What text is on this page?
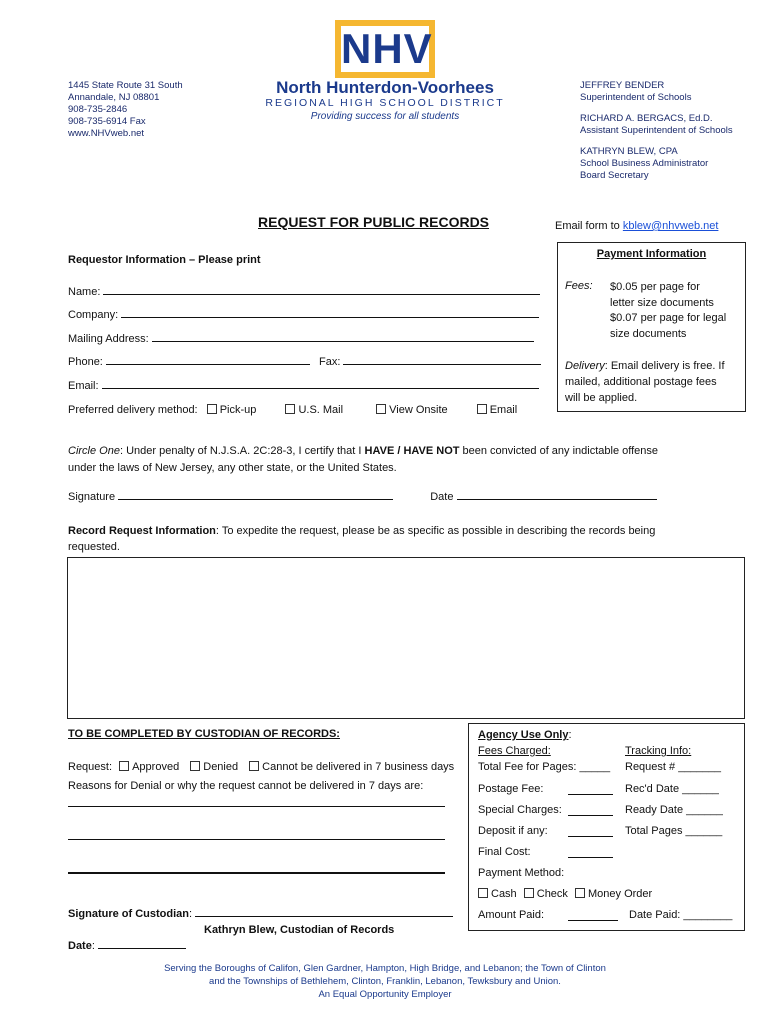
1445 State Route 31 South
Annandale, NJ 08801
908-735-2846
908-735-6914 Fax
www.NHVweb.net
NHV
North Hunterdon-Voorhees
REGIONAL HIGH SCHOOL DISTRICT
Providing success for all students
JEFFREY BENDER
Superintendent of Schools
RICHARD A. BERGACS, Ed.D.
Assistant Superintendent of Schools
KATHRYN BLEW, CPA
School Business Administrator
Board Secretary
REQUEST FOR PUBLIC RECORDS	Email form to kblew@nhvweb.net
Payment Information
Fees: $0.05 per page for
letter size documents
$0.07 per page for legal
size documents
Delivery: Email delivery is free. If
mailed, additional postage fees
will be applied.
Requestor Information – Please print
Name:
Company:
Mailing Address:
Phone:	Fax:
Email:
Preferred delivery method: Pick-up	U.S. Mail	View Onsite	Email
Circle One: Under penalty of N.J.S.A. 2C:28-3, I certify that I HAVE / HAVE NOT been convicted of any indictable offense
under the laws of New Jersey, any other state, or the United States.
Signature	Date
Record Request Information: To expedite the request, please be as specific as possible in describing the records being
requested.
TO BE COMPLETED BY CUSTODIAN OF RECORDS:
Request: Approved Denied Cannot be delivered in 7 business days
Reasons for Denial or why the request cannot be delivered in 7 days are:
Signature of Custodian:
Kathryn Blew, Custodian of Records
Date:
Agency Use Only:
Fees Charged:	Tracking Info:
Total Fee for Pages: _____ Request # _______
Postage Fee:	Rec'd Date ______
Special Charges:	Ready Date ______
Deposit if any:	Total Pages ______
Final Cost:
Payment Method:
Cash Check Money Order
Amount Paid:	Date Paid: ________
Serving the Boroughs of Califon, Glen Gardner, Hampton, High Bridge, and Lebanon; the Town of Clinton
and the Townships of Bethlehem, Clinton, Franklin, Lebanon, Tewksbury and Union.
An Equal Opportunity Employer
